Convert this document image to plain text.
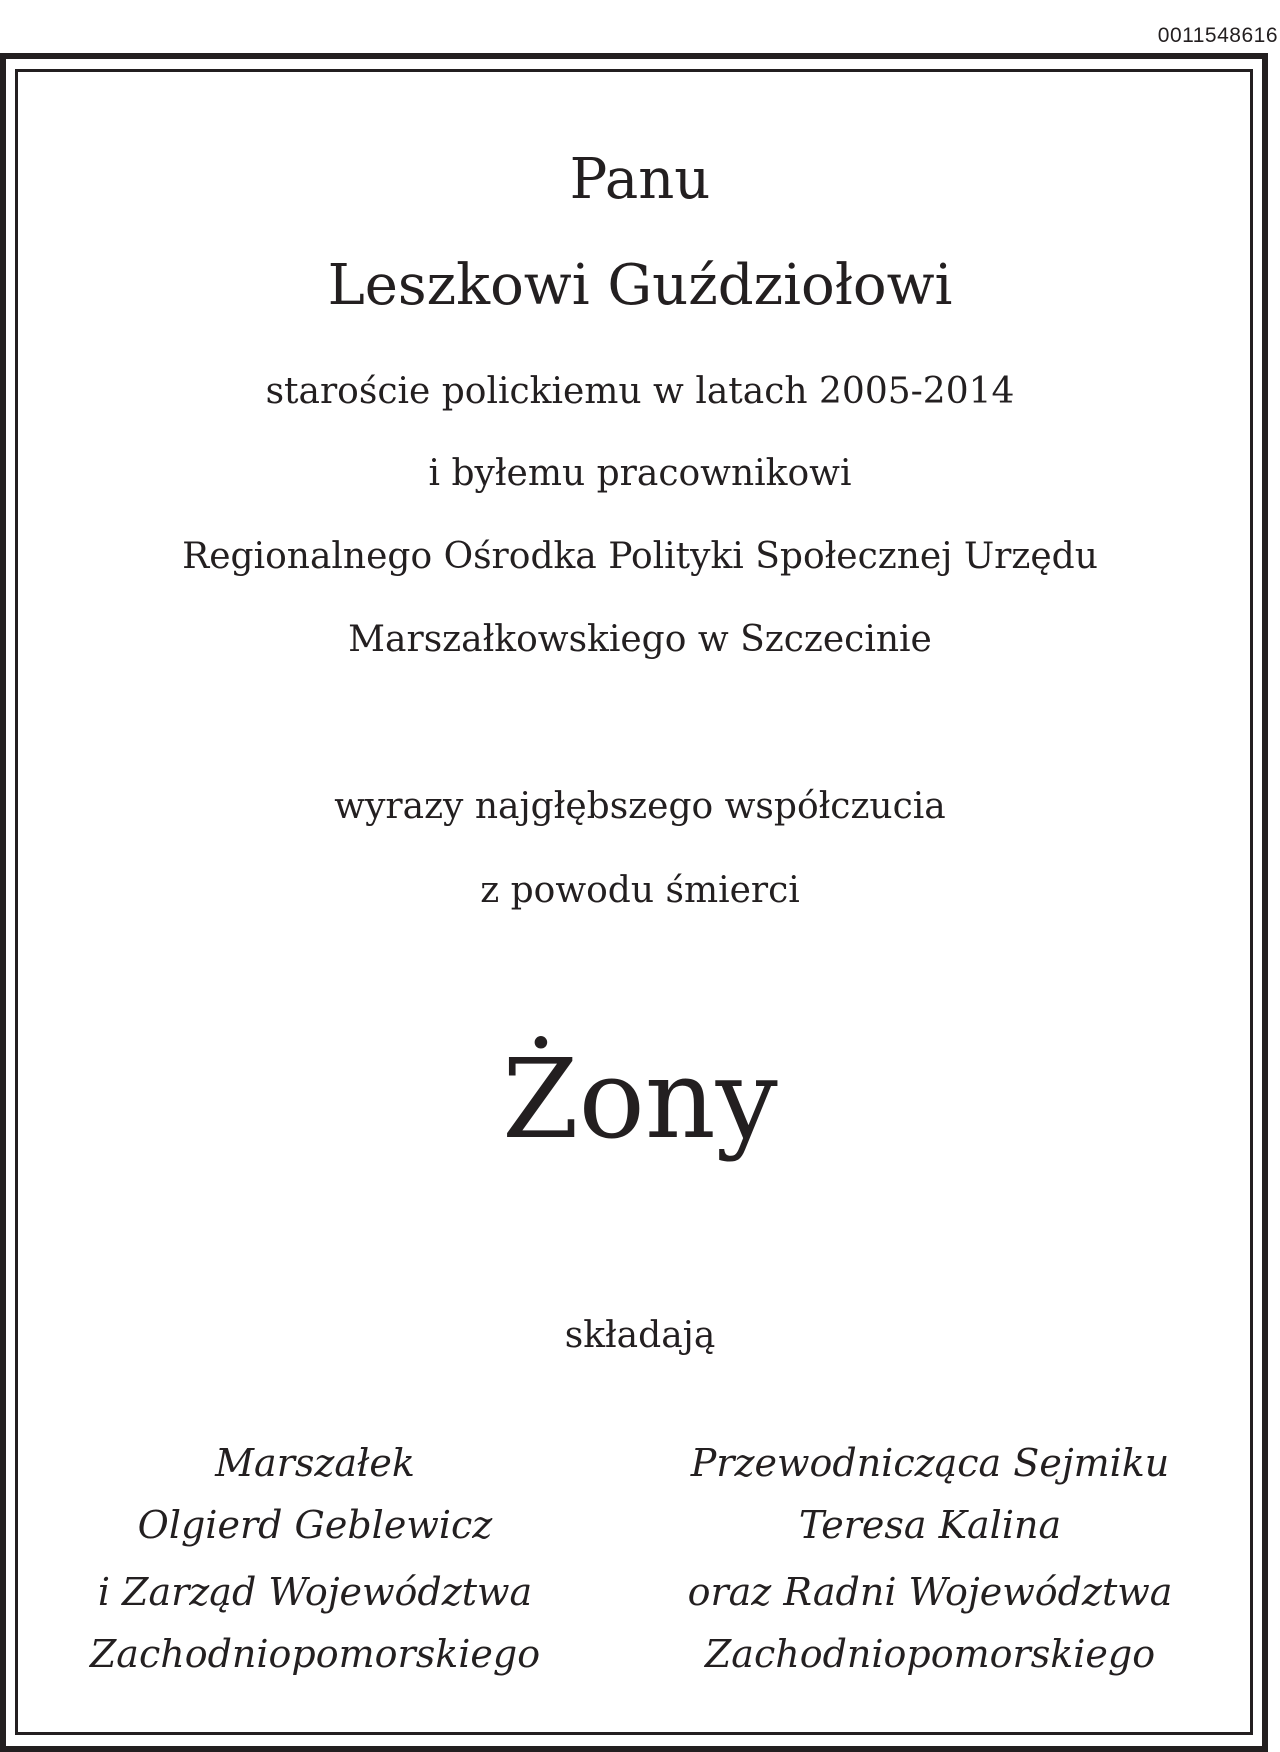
0011548616
Panu
Leszkowi Guździołowi
staroście polickiemu w latach 2005-2014
i byłemu pracownikowi
Regionalnego Ośrodka Polityki Społecznej Urzędu
Marszałkowskiego w Szczecinie
wyrazy najgłębszego współczucia
z powodu śmierci
Żony
składają
Marszałek
Olgierd Geblewicz
i Zarząd Województwa
Zachodniopomorskiego
Przewodnicząca Sejmiku
Teresa Kalina
oraz Radni Województwa
Zachodniopomorskiego
